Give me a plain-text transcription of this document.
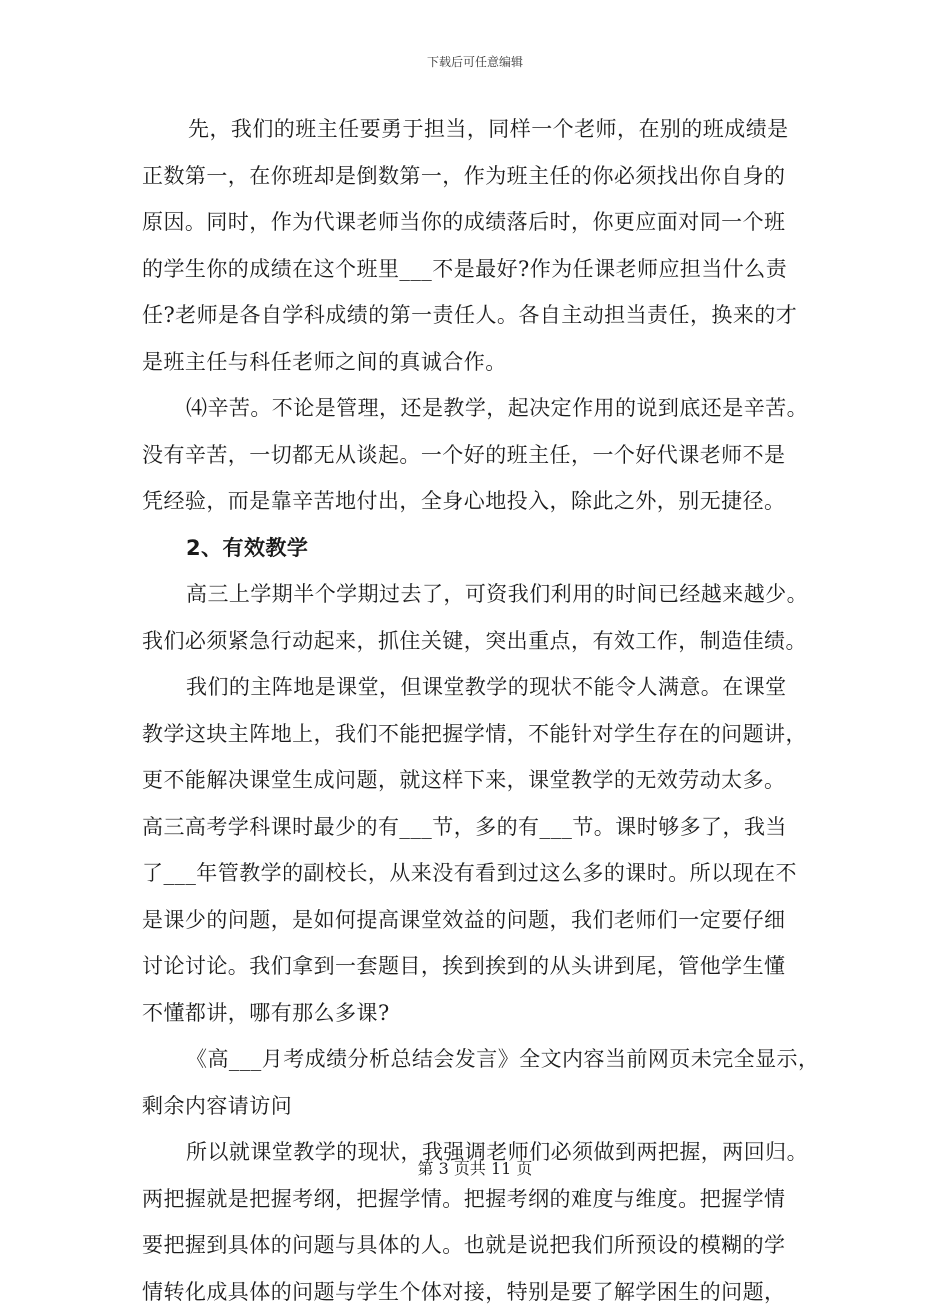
下载后可任意编辑
先，我们的班主任要勇于担当，同样一个老师，在别的班成绩是
正数第一，在你班却是倒数第一，作为班主任的你必须找出你自身的
原因。同时，作为代课老师当你的成绩落后时，你更应面对同一个班
的学生你的成绩在这个班里___不是最好?作为任课老师应担当什么责
任?老师是各自学科成绩的第一责任人。各自主动担当责任，换来的才
是班主任与科任老师之间的真诚合作。
⑷辛苦。不论是管理，还是教学，起决定作用的说到底还是辛苦。
没有辛苦，一切都无从谈起。一个好的班主任，一个好代课老师不是
凭经验，而是靠辛苦地付出，全身心地投入，除此之外，别无捷径。
2、有效教学
高三上学期半个学期过去了，可资我们利用的时间已经越来越少。
我们必须紧急行动起来，抓住关键，突出重点，有效工作，制造佳绩。
我们的主阵地是课堂，但课堂教学的现状不能令人满意。在课堂
教学这块主阵地上，我们不能把握学情，不能针对学生存在的问题讲，
更不能解决课堂生成问题，就这样下来，课堂教学的无效劳动太多。
高三高考学科课时最少的有___节，多的有___节。课时够多了，我当
了___年管教学的副校长，从来没有看到过这么多的课时。所以现在不
是课少的问题，是如何提高课堂效益的问题，我们老师们一定要仔细
讨论讨论。我们拿到一套题目，挨到挨到的从头讲到尾，管他学生懂
不懂都讲，哪有那么多课?
《高___月考成绩分析总结会发言》全文内容当前网页未完全显示，
剩余内容请访问
所以就课堂教学的现状，我强调老师们必须做到两把握，两回归。
两把握就是把握考纲，把握学情。把握考纲的难度与维度。把握学情
要把握到具体的问题与具体的人。也就是说把我们所预设的模糊的学
情转化成具体的问题与学生个体对接，特别是要了解学困生的问题，
第 3 页共 11 页
